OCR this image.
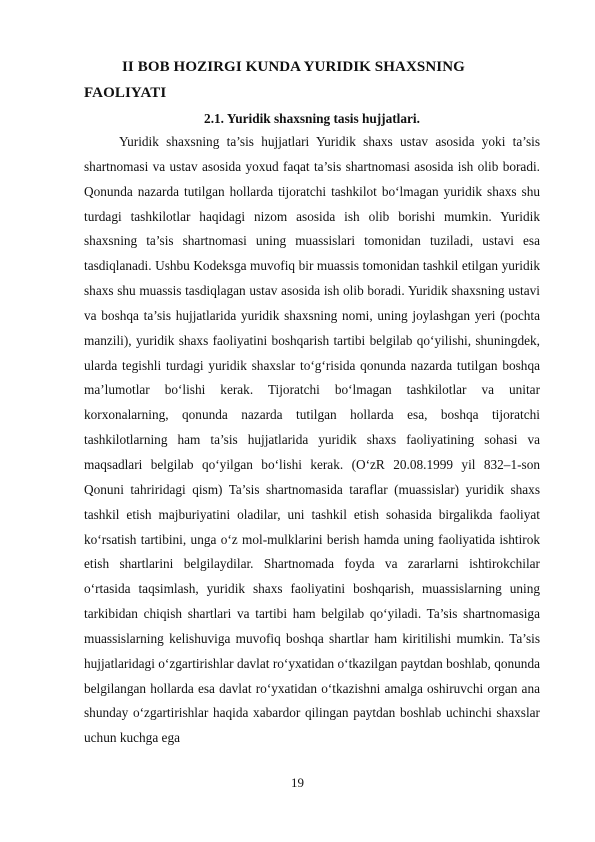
II BOB HOZIRGI KUNDA YURIDIK SHAXSNING FAOLIYATI
2.1. Yuridik shaxsning tasis hujjatlari.

Yuridik shaxsning ta’sis hujjatlari Yuridik shaxs ustav asosida yoki ta’sis shartnomasi va ustav asosida yoxud faqat ta’sis shartnomasi asosida ish olib boradi. Qonunda nazarda tutilgan hollarda tijoratchi tashkilot bo‘lmagan yuridik shaxs shu turdagi tashkilotlar haqidagi nizom asosida ish olib borishi mumkin. Yuridik shaxsning ta’sis shartnomasi uning muassislari tomonidan tuziladi, ustavi esa tasdiqlanadi. Ushbu Kodeksga muvofiq bir muassis tomonidan tashkil etilgan yuridik shaxs shu muassis tasdiqlagan ustav asosida ish olib boradi. Yuridik shaxsning ustavi va boshqa ta’sis hujjatlarida yuridik shaxsning nomi, uning joylashgan yeri (pochta manzili), yuridik shaxs faoliyatini boshqarish tartibi belgilab qo‘yilishi, shuningdek, ularda tegishli turdagi yuridik shaxslar to‘g‘risida qonunda nazarda tutilgan boshqa ma’lumotlar bo‘lishi kerak. Tijoratchi bo‘lmagan tashkilotlar va unitar korxonalarning, qonunda nazarda tutilgan hollarda esa, boshqa tijoratchi tashkilotlarning ham ta’sis hujjatlarida yuridik shaxs faoliyatining sohasi va maqsadlari belgilab qo‘yilgan bo‘lishi kerak. (O‘zR 20.08.1999 yil 832–1-son Qonuni tahriridagi qism) Ta’sis shartnomasida taraflar (muassislar) yuridik shaxs tashkil etish majburiyatini oladilar, uni tashkil etish sohasida birgalikda faoliyat ko‘rsatish tartibini, unga o‘z mol-mulklarini berish hamda uning faoliyatida ishtirok etish shartlarini belgilaydilar. Shartnomada foyda va zararlarni ishtirokchilar o‘rtasida taqsimlash, yuridik shaxs faoliyatini boshqarish, muassislarning uning tarkibidan chiqish shartlari va tartibi ham belgilab qo‘yiladi. Ta’sis shartnomasiga muassislarning kelishuviga muvofiq boshqa shartlar ham kiritilishi mumkin. Ta’sis hujjatlaridagi o‘zgartirishlar davlat ro‘yxatidan o‘tkazilgan paytdan boshlab, qonunda belgilangan hollarda esa davlat ro‘yxatidan o‘tkazishni amalga oshiruvchi organ ana shunday o‘zgartirishlar haqida xabardor qilingan paytdan boshlab uchinchi shaxslar uchun kuchga ega

19
